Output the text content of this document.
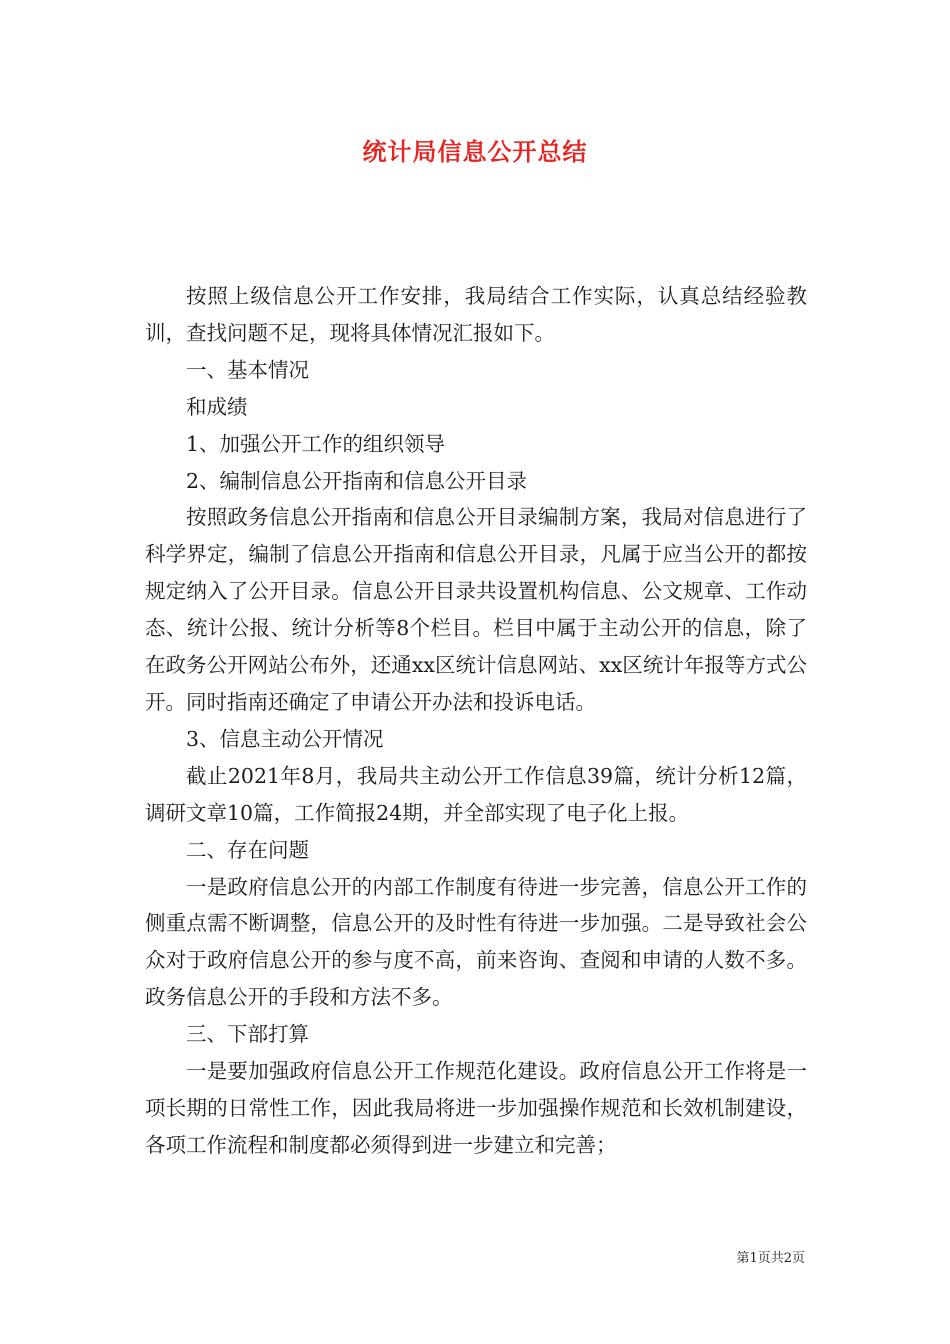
统计局信息公开总结

按照上级信息公开工作安排，我局结合工作实际，认真总结经验教训，查找问题不足，现将具体情况汇报如下。

一、基本情况

和成绩

1、加强公开工作的组织领导

2、编制信息公开指南和信息公开目录

按照政务信息公开指南和信息公开目录编制方案，我局对信息进行了科学界定，编制了信息公开指南和信息公开目录，凡属于应当公开的都按规定纳入了公开目录。信息公开目录共设置机构信息、公文规章、工作动态、统计公报、统计分析等8个栏目。栏目中属于主动公开的信息，除了在政务公开网站公布外，还通xx区统计信息网站、xx区统计年报等方式公开。同时指南还确定了申请公开办法和投诉电话。

3、信息主动公开情况

截止2021年8月，我局共主动公开工作信息39篇，统计分析12篇，调研文章10篇，工作简报24期，并全部实现了电子化上报。

二、存在问题

一是政府信息公开的内部工作制度有待进一步完善，信息公开工作的侧重点需不断调整，信息公开的及时性有待进一步加强。二是导致社会公众对于政府信息公开的参与度不高，前来咨询、查阅和申请的人数不多。政务信息公开的手段和方法不多。

三、下部打算

一是要加强政府信息公开工作规范化建设。政府信息公开工作将是一项长期的日常性工作，因此我局将进一步加强操作规范和长效机制建设，各项工作流程和制度都必须得到进一步建立和完善；

第1页共2页
